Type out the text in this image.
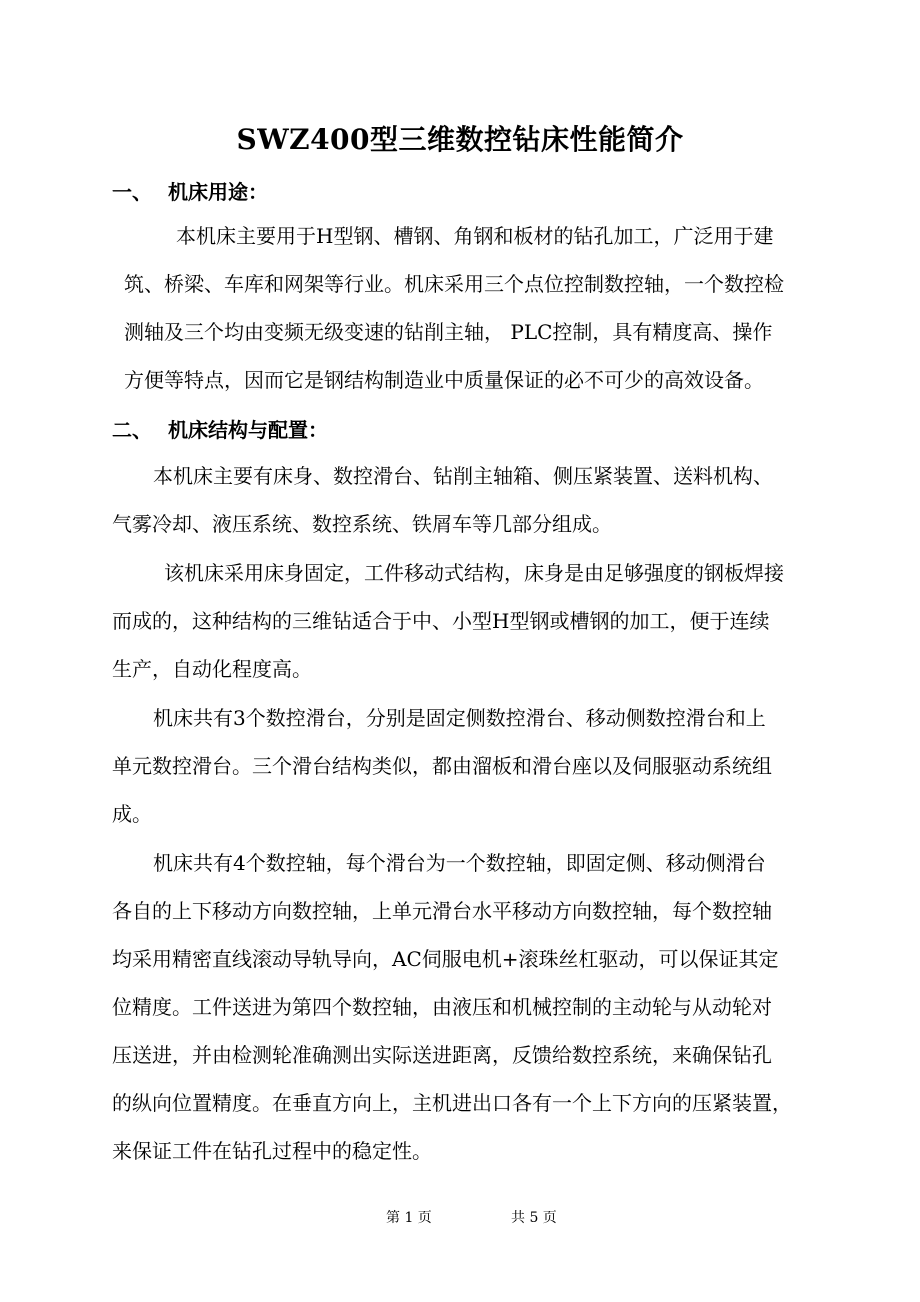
SWZ400型三维数控钻床性能简介
一、 机床用途：
本机床主要用于H型钢、槽钢、角钢和板材的钻孔加工，广泛用于建
筑、桥梁、车库和网架等行业。机床采用三个点位控制数控轴，一个数控检
测轴及三个均由变频无级变速的钻削主轴， PLC控制，具有精度高、操作
方便等特点，因而它是钢结构制造业中质量保证的必不可少的高效设备。
二、 机床结构与配置：
本机床主要有床身、数控滑台、钻削主轴箱、侧压紧装置、送料机构、
气雾冷却、液压系统、数控系统、铁屑车等几部分组成。
该机床采用床身固定，工件移动式结构，床身是由足够强度的钢板焊接
而成的，这种结构的三维钻适合于中、小型H型钢或槽钢的加工，便于连续
生产，自动化程度高。
机床共有3个数控滑台，分别是固定侧数控滑台、移动侧数控滑台和上
单元数控滑台。三个滑台结构类似，都由溜板和滑台座以及伺服驱动系统组
成。
机床共有4个数控轴，每个滑台为一个数控轴，即固定侧、移动侧滑台
各自的上下移动方向数控轴，上单元滑台水平移动方向数控轴，每个数控轴
均采用精密直线滚动导轨导向，AC伺服电机+滚珠丝杠驱动，可以保证其定
位精度。工件送进为第四个数控轴，由液压和机械控制的主动轮与从动轮对
压送进，并由检测轮准确测出实际送进距离，反馈给数控系统，来确保钻孔
的纵向位置精度。在垂直方向上，主机进出口各有一个上下方向的压紧装置，
来保证工件在钻孔过程中的稳定性。
第 1 页	共 5 页
